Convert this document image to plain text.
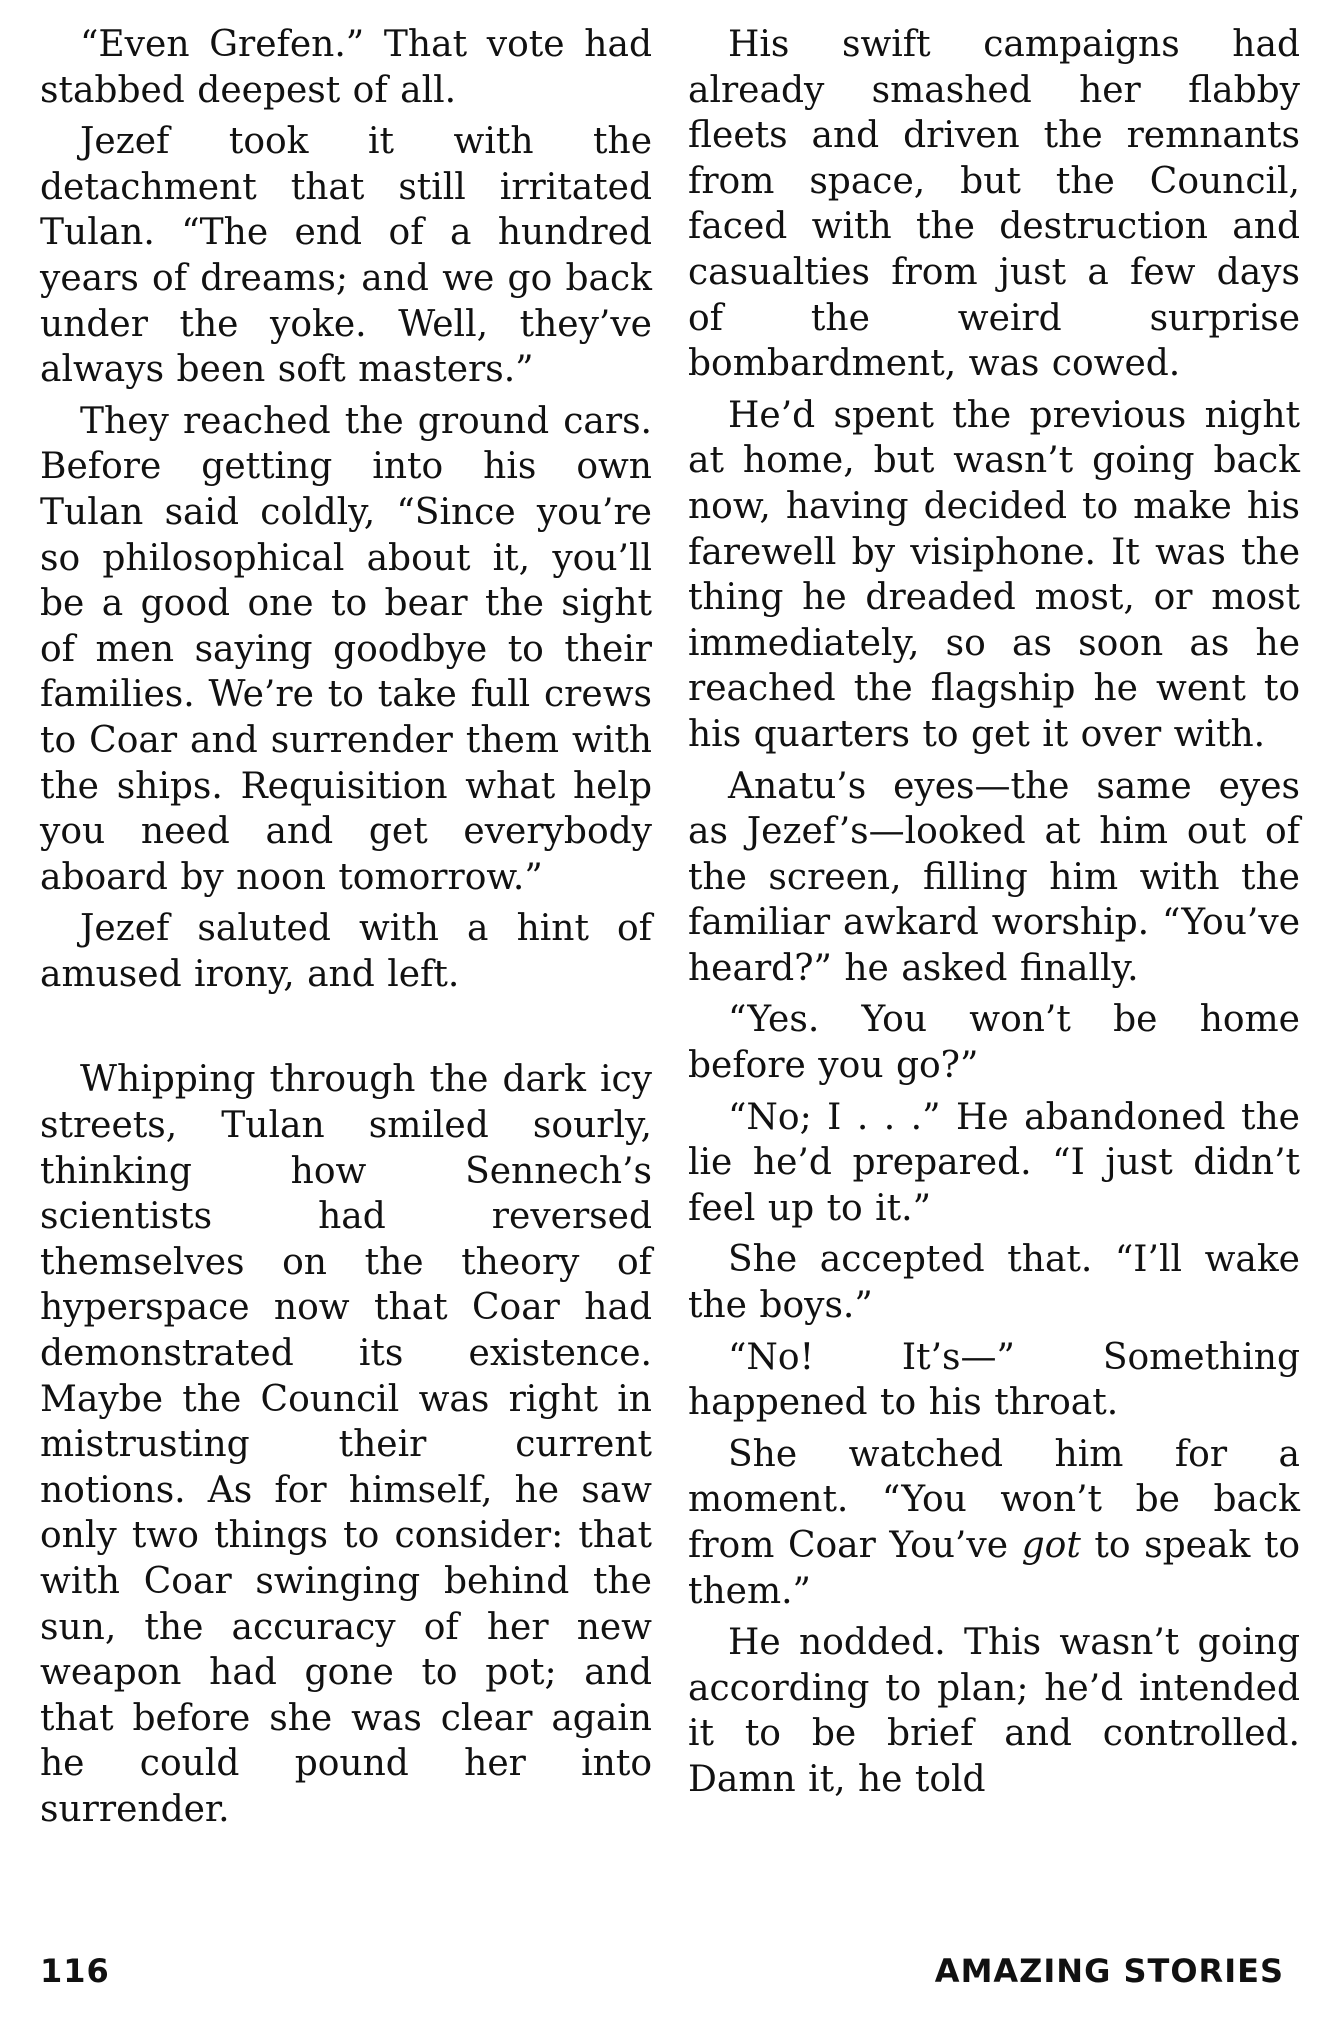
“Even Grefen.” That vote had stabbed deepest of all.

Jezef took it with the detachment that still irritated Tulan. “The end of a hundred years of dreams; and we go back under the yoke. Well, they’ve always been soft masters.”

They reached the ground cars. Before getting into his own Tulan said coldly, “Since you’re so philosophical about it, you’ll be a good one to bear the sight of men saying goodbye to their families. We’re to take full crews to Coar and surrender them with the ships. Requisition what help you need and get everybody aboard by noon tomorrow.”

Jezef saluted with a hint of amused irony, and left.

Whipping through the dark icy streets, Tulan smiled sourly, thinking how Sennech’s scientists had reversed themselves on the theory of hyperspace now that Coar had demonstrated its existence. Maybe the Council was right in mistrusting their current notions. As for himself, he saw only two things to consider: that with Coar swinging behind the sun, the accuracy of her new weapon had gone to pot; and that before she was clear again he could pound her into surrender.

His swift campaigns had already smashed her flabby fleets and driven the remnants from space, but the Council, faced with the destruction and casualties from just a few days of the weird surprise bombardment, was cowed.

He’d spent the previous night at home, but wasn’t going back now, having decided to make his farewell by visiphone. It was the thing he dreaded most, or most immediately, so as soon as he reached the flagship he went to his quarters to get it over with.

Anatu’s eyes—the same eyes as Jezef’s—looked at him out of the screen, filling him with the familiar awkard worship. “You’ve heard?” he asked finally.

“Yes. You won’t be home before you go?”

“No; I . . .” He abandoned the lie he’d prepared. “I just didn’t feel up to it.”

She accepted that. “I’ll wake the boys.”

“No! It’s—” Something happened to his throat.

She watched him for a moment. “You won’t be back from Coar You’ve got to speak to them.”

He nodded. This wasn’t going according to plan; he’d intended it to be brief and controlled. Damn it, he told

116	AMAZING STORIES
